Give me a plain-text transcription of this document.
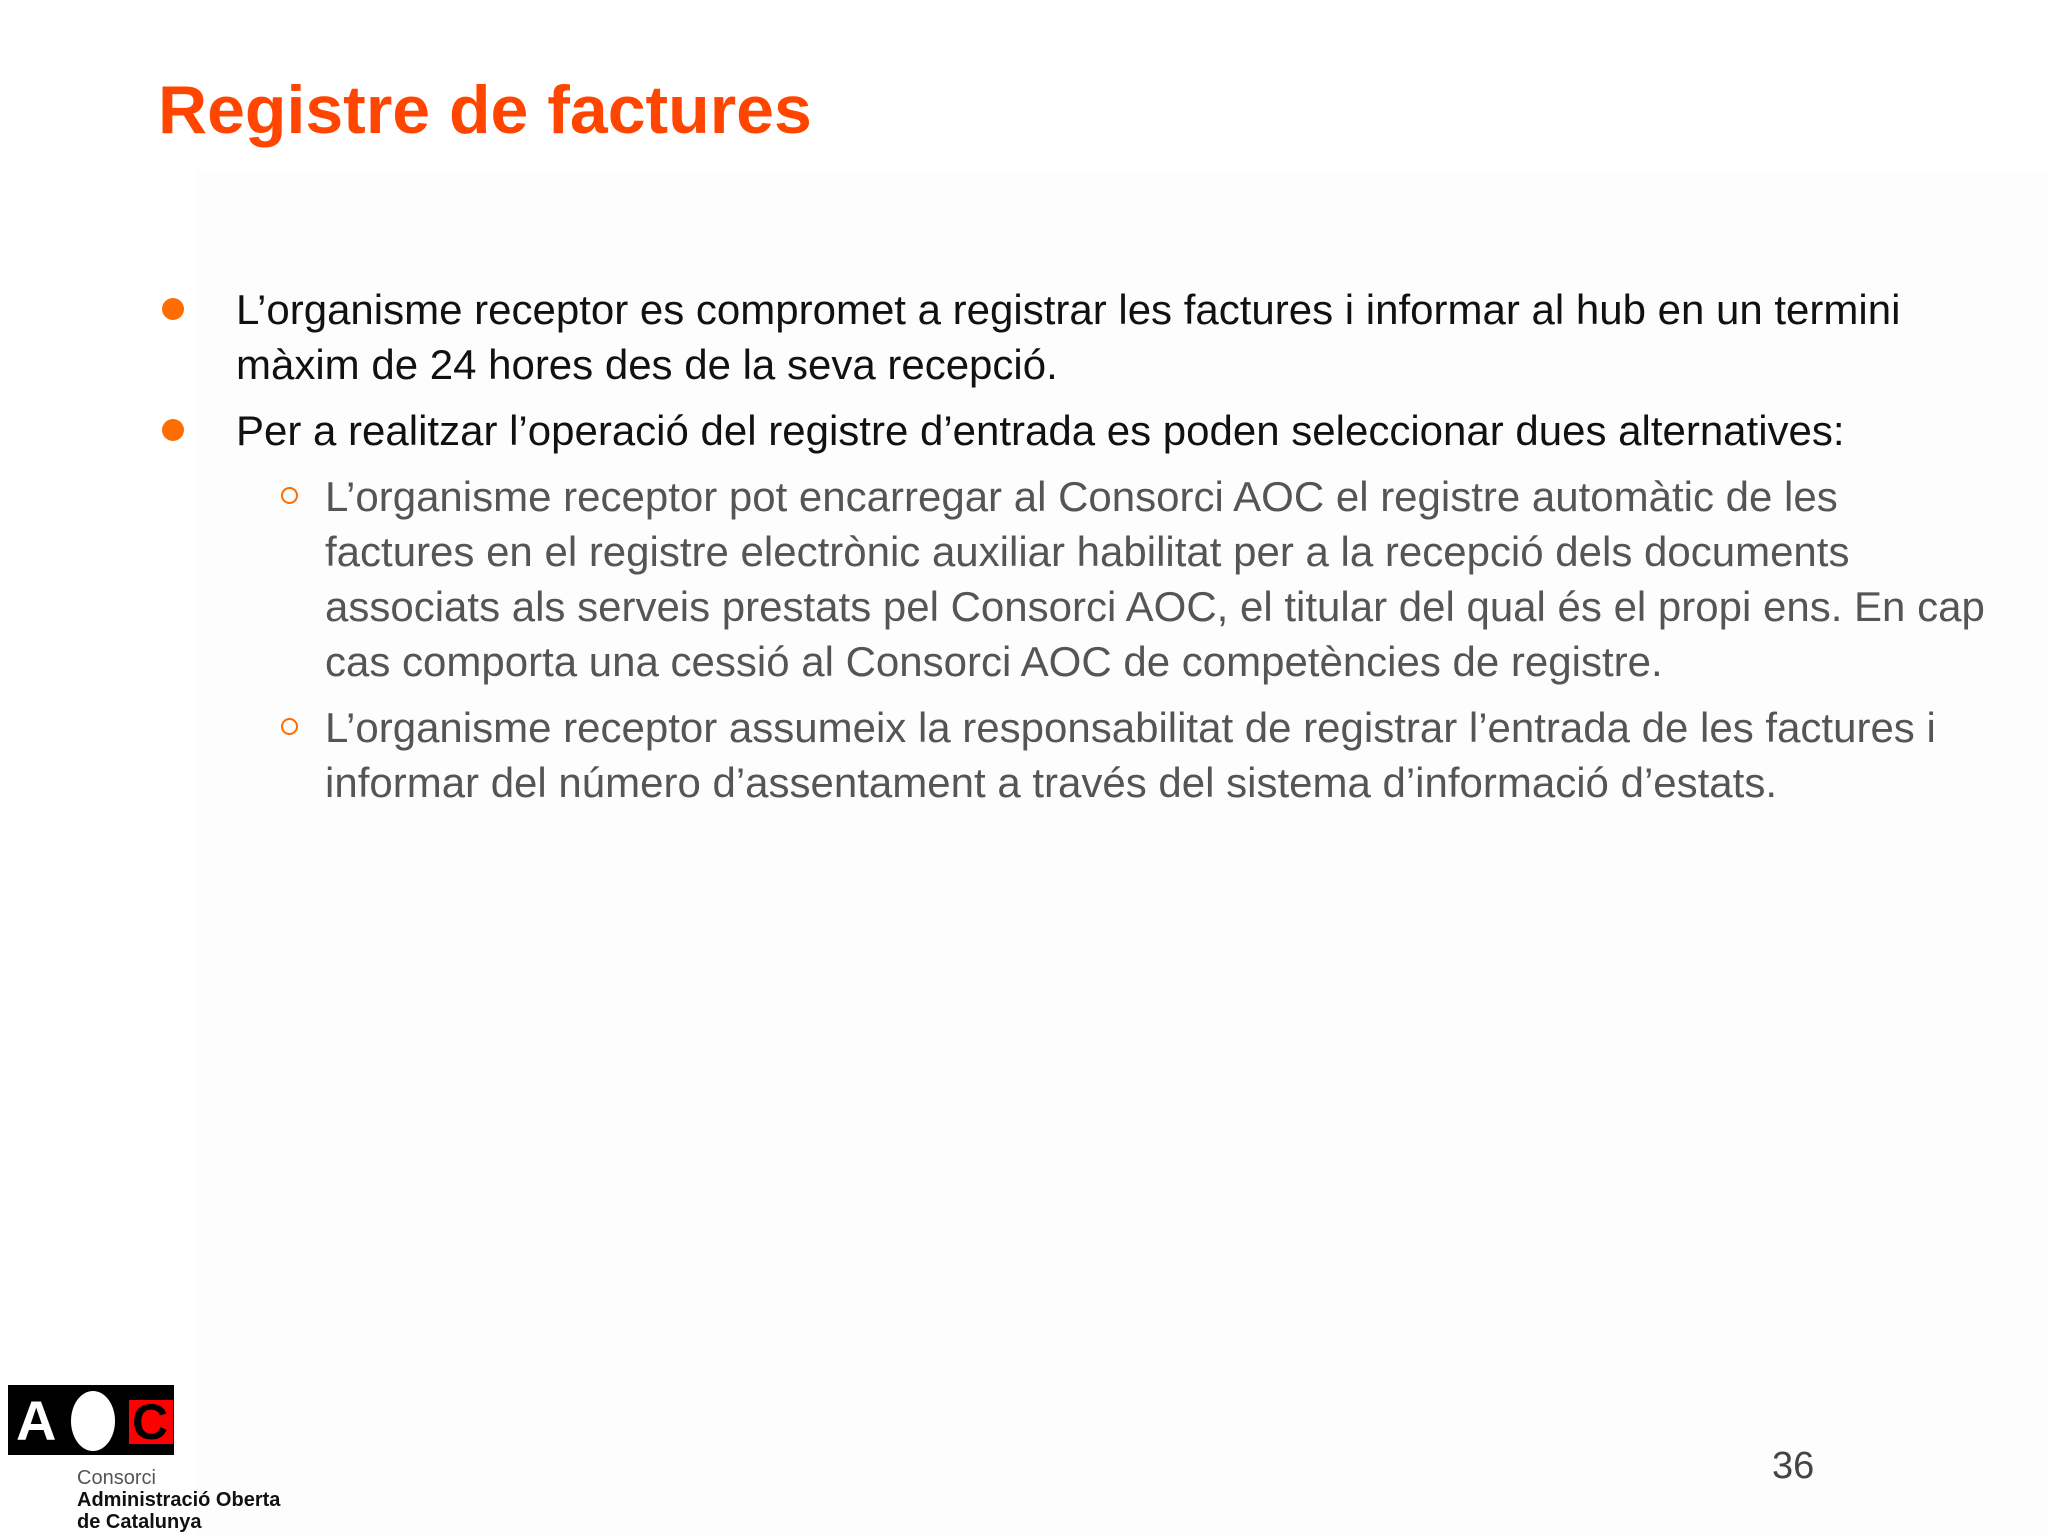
Registre de factures
L’organisme receptor es compromet a registrar les factures i informar al hub en un termini màxim de 24 hores des de la seva recepció.
Per a realitzar l’operació del registre d’entrada es poden seleccionar dues alternatives:
L’organisme receptor pot encarregar al Consorci AOC el registre automàtic de les factures en el registre electrònic auxiliar habilitat per a la recepció dels documents associats als serveis prestats pel Consorci AOC, el titular del qual és el propi ens. En cap cas comporta una cessió al Consorci AOC de competències de registre.
L’organisme receptor assumeix la responsabilitat de registrar l’entrada de les factures i informar del número d’assentament a través del sistema d’informació d’estats.
A C
Consorci
Administració Oberta
de Catalunya
36
